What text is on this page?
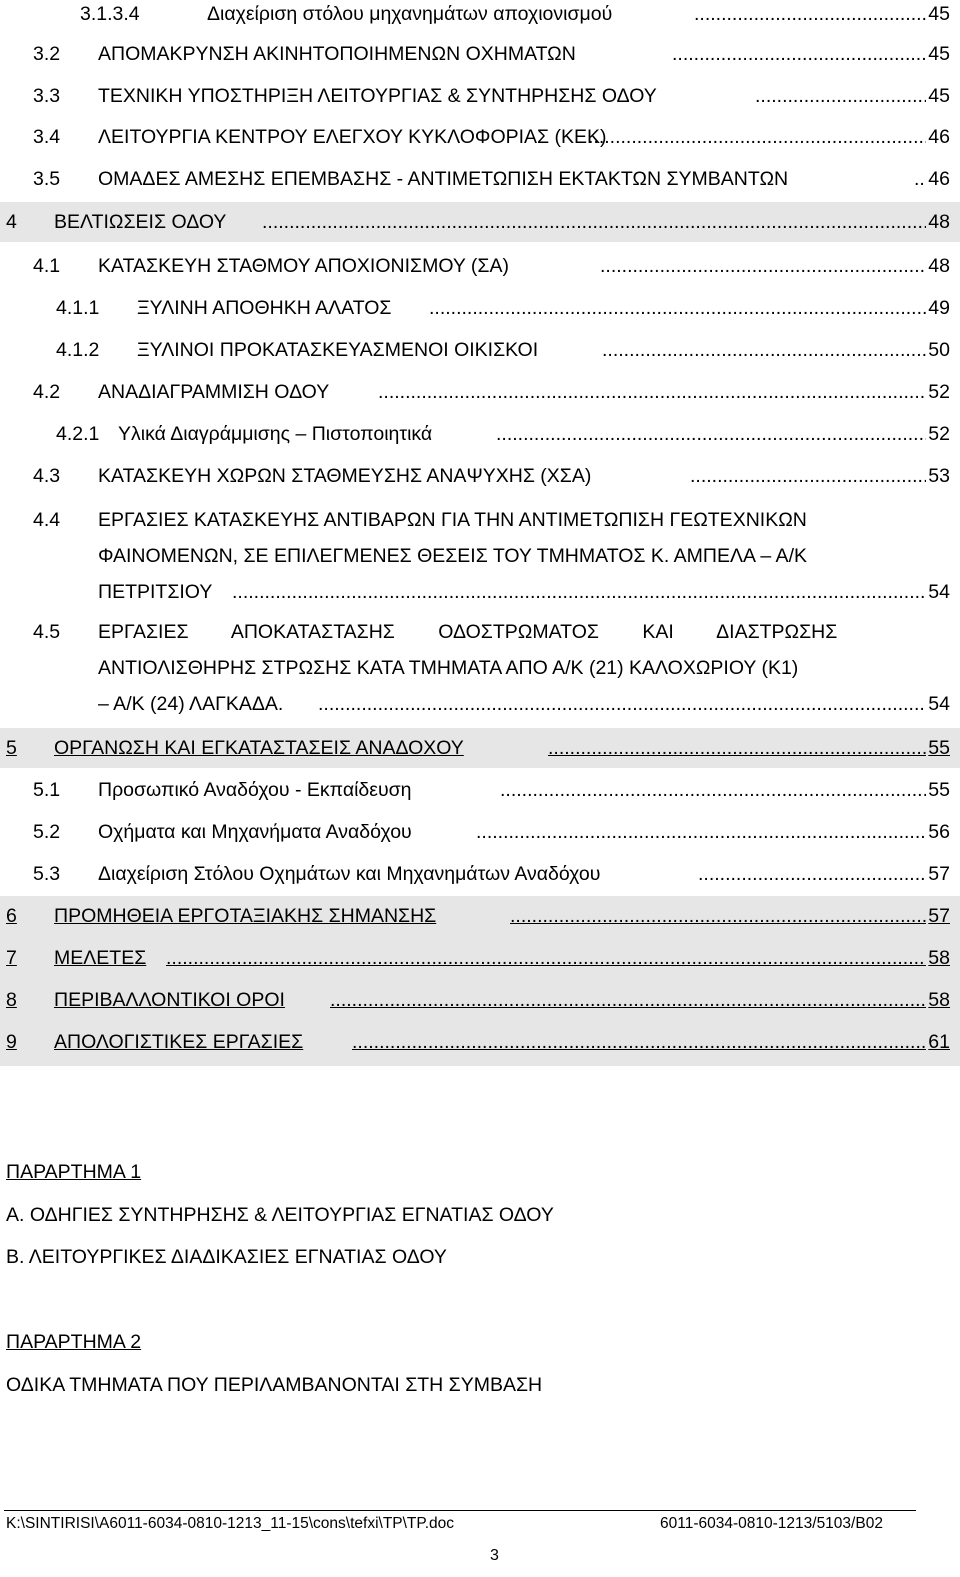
3.1.3.4	Διαχείριση στόλου μηχανημάτων αποχιονισμού .....	45
3.2 ΑΠΟΜΑΚΡΥΝΣΗ ΑΚΙΝΗΤΟΠΟΙΗΜΕΝΩΝ ΟΧΗΜΑΤΩΝ .....	45
3.3 ΤΕΧΝΙΚΗ ΥΠΟΣΤΗΡΙΞΗ ΛΕΙΤΟΥΡΓΙΑΣ & ΣΥΝΤΗΡΗΣΗΣ ΟΔΟΥ .....	45
3.4 ΛΕΙΤΟΥΡΓΙΑ ΚΕΝΤΡΟΥ ΕΛΕΓΧΟΥ ΚΥΚΛΟΦΟΡΙΑΣ (ΚΕΚ) .....	46
3.5 ΟΜΑΔΕΣ ΑΜΕΣΗΣ ΕΠΕΜΒΑΣΗΣ - ΑΝΤΙΜΕΤΩΠΙΣΗ ΕΚΤΑΚΤΩΝ ΣΥΜΒΑΝΤΩΝ .....	46
4 ΒΕΛΤΙΩΣΕΙΣ ΟΔΟΥ .....	48
4.1 ΚΑΤΑΣΚΕΥΗ ΣΤΑΘΜΟΥ ΑΠΟΧΙΟΝΙΣΜΟΥ (ΣΑ) .....	48
4.1.1 ΞΥΛΙΝΗ ΑΠΟΘΗΚΗ ΑΛΑΤΟΣ .....	49
4.1.2 ΞΥΛΙΝΟΙ ΠΡΟΚΑΤΑΣΚΕΥΑΣΜΕΝΟΙ ΟΙΚΙΣΚΟΙ .....	50
4.2 ΑΝΑΔΙΑΓΡΑΜΜΙΣΗ ΟΔΟΥ .....	52
4.2.1 Υλικά Διαγράμμισης – Πιστοποιητικά .....	52
4.3 ΚΑΤΑΣΚΕΥΗ ΧΩΡΩΝ ΣΤΑΘΜΕΥΣΗΣ ΑΝΑΨΥΧΗΣ (ΧΣΑ) .....	53
4.4 ΕΡΓΑΣΙΕΣ ΚΑΤΑΣΚΕΥΗΣ ΑΝΤΙΒΑΡΩΝ ΓΙΑ ΤΗΝ ΑΝΤΙΜΕΤΩΠΙΣΗ ΓΕΩΤΕΧΝΙΚΩΝ
ΦΑΙΝΟΜΕΝΩΝ, ΣΕ ΕΠΙΛΕΓΜΕΝΕΣ ΘΕΣΕΙΣ ΤΟΥ ΤΜΗΜΑΤΟΣ Κ. ΑΜΠΕΛΑ – Α/Κ
ΠΕΤΡΙΤΣΙΟΥ .....	54
4.5 ΕΡΓΑΣΙΕΣ ΑΠΟΚΑΤΑΣΤΑΣΗΣ ΟΔΟΣΤΡΩΜΑΤΟΣ ΚΑΙ ΔΙΑΣΤΡΩΣΗΣ
ΑΝΤΙΟΛΙΣΘΗΡΗΣ ΣΤΡΩΣΗΣ ΚΑΤΑ ΤΜΗΜΑΤΑ ΑΠΟ Α/Κ (21) ΚΑΛΟΧΩΡΙΟΥ (Κ1)
– Α/Κ (24) ΛΑΓΚΑΔΑ. .....	54
5 ΟΡΓΑΝΩΣΗ ΚΑΙ ΕΓΚΑΤΑΣΤΑΣΕΙΣ ΑΝΑΔΟΧΟΥ .....	55
5.1 Προσωπικό Αναδόχου - Εκπαίδευση .....	55
5.2 Οχήματα και Μηχανήματα Αναδόχου .....	56
5.3 Διαχείριση Στόλου Οχημάτων και Μηχανημάτων Αναδόχου .....	57
6 ΠΡΟΜΗΘΕΙΑ ΕΡΓΟΤΑΞΙΑΚΗΣ ΣΗΜΑΝΣΗΣ .....	57
7 ΜΕΛΕΤΕΣ .....	58
8 ΠΕΡΙΒΑΛΛΟΝΤΙΚΟΙ ΟΡΟΙ .....	58
9 ΑΠΟΛΟΓΙΣΤΙΚΕΣ ΕΡΓΑΣΙΕΣ .....	61
ΠΑΡΑΡΤΗΜΑ 1
Α. ΟΔΗΓΙΕΣ ΣΥΝΤΗΡΗΣΗΣ & ΛΕΙΤΟΥΡΓΙΑΣ ΕΓΝΑΤΙΑΣ ΟΔΟΥ
Β. ΛΕΙΤΟΥΡΓΙΚΕΣ ΔΙΑΔΙΚΑΣΙΕΣ ΕΓΝΑΤΙΑΣ ΟΔΟΥ
ΠΑΡΑΡΤΗΜΑ 2
ΟΔΙΚΑ ΤΜΗΜΑΤΑ ΠΟΥ ΠΕΡΙΛΑΜΒΑΝΟΝΤΑΙ ΣΤΗ ΣΥΜΒΑΣΗ
K:\SINTIRISI\A6011-6034-0810-1213_11-15\cons\tefxi\TP\TP.doc	6011-6034-0810-1213/5103/Β02
3
